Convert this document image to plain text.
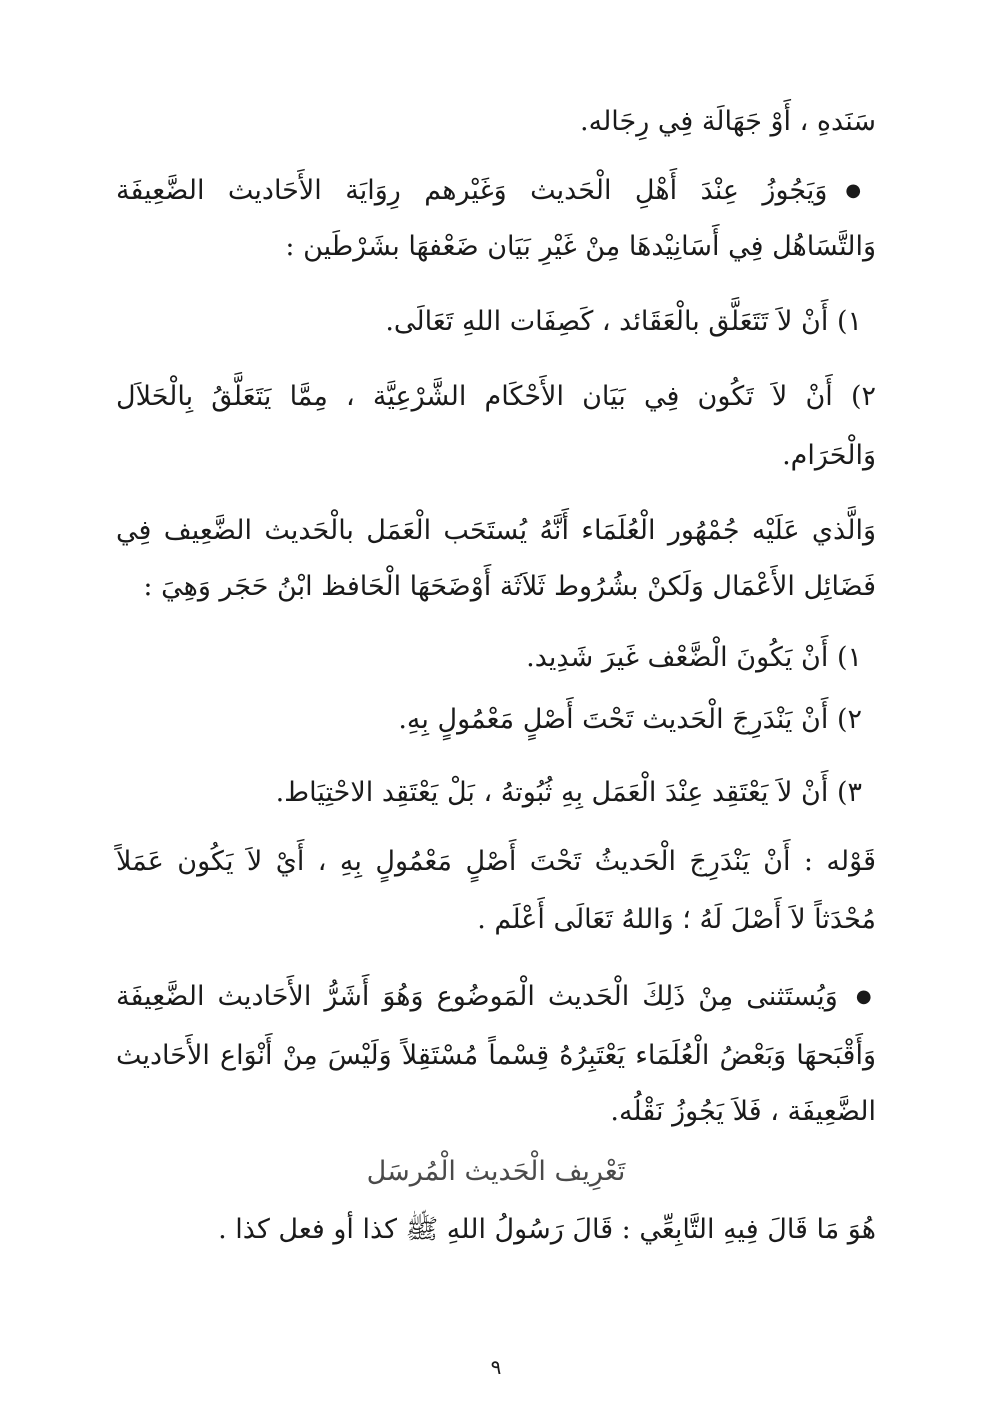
سَنَدهِ ، أَوْ جَهَالَة فِي رِجَاله.
● وَيَجُوزُ عِنْدَ أَهْلِ الْحَديث وَغَيْرهم رِوَايَة الأَحَاديث الضَّعِيفَة
وَالتَّسَاهُل فِي أَسَانِيْدهَا مِنْ غَيْرِ بَيَان ضَعْفهَا بشَرْطَين :
١) أَنْ لاَ تَتَعَلَّق بالْعَقَائد ، كَصِفَات اللهِ تَعَالَى.
٢) أَنْ لاَ تَكُون فِي بَيَان الأَحْكَام الشَّرْعِيَّة ، مِمَّا يَتَعَلَّقُ بِالْحَلاَل
وَالْحَرَام.
وَالَّذي عَلَيْه جُمْهُور الْعُلَمَاء أَنَّهُ يُستَحَب الْعَمَل بالْحَديث الضَّعِيف فِي
فَضَائِل الأَعْمَال وَلَكنْ بشُرُوط ثَلاَثَة أَوْضَحَهَا الْحَافظ ابْنُ حَجَر وَهِيَ :
١) أَنْ يَكُونَ الْضَّعْف غَيرَ شَدِيد.
٢) أَنْ يَنْدَرِجَ الْحَديث تَحْتَ أَصْلٍ مَعْمُولٍ بِهِ.
٣) أَنْ لاَ يَعْتَقِد عِنْدَ الْعَمَل بِهِ ثُبُوتهُ ، بَلْ يَعْتَقِد الاحْتِيَاط.
قَوْله : أَنْ يَنْدَرِجَ الْحَديثُ تَحْتَ أَصْلٍ مَعْمُولٍ بِهِ ، أَيْ لاَ يَكُون عَمَلاً
مُحْدَثاً لاَ أَصْلَ لَهُ ؛ وَاللهُ تَعَالَى أَعْلَم .
● وَيُستَثنى مِنْ ذَلِكَ الْحَديث الْمَوضُوع وَهُوَ أَشَرُّ الأَحَاديث الضَّعِيفَة
وَأَقْبَحهَا وَبَعْضُ الْعُلَمَاء يَعْتَبِرُهُ قِسْماً مُسْتَقِلاً وَلَيْسَ مِنْ أَنْوَاع الأَحَاديث
الضَّعِيفَة ، فَلاَ يَجُوزُ نَقْلُه.
تَعْرِيف الْحَديث الْمُرسَل
هُوَ مَا قَالَ فِيهِ التَّابِعِّي : قَالَ رَسُولُ اللهِ ﷺ كذا أو فعل كذا .
٩
